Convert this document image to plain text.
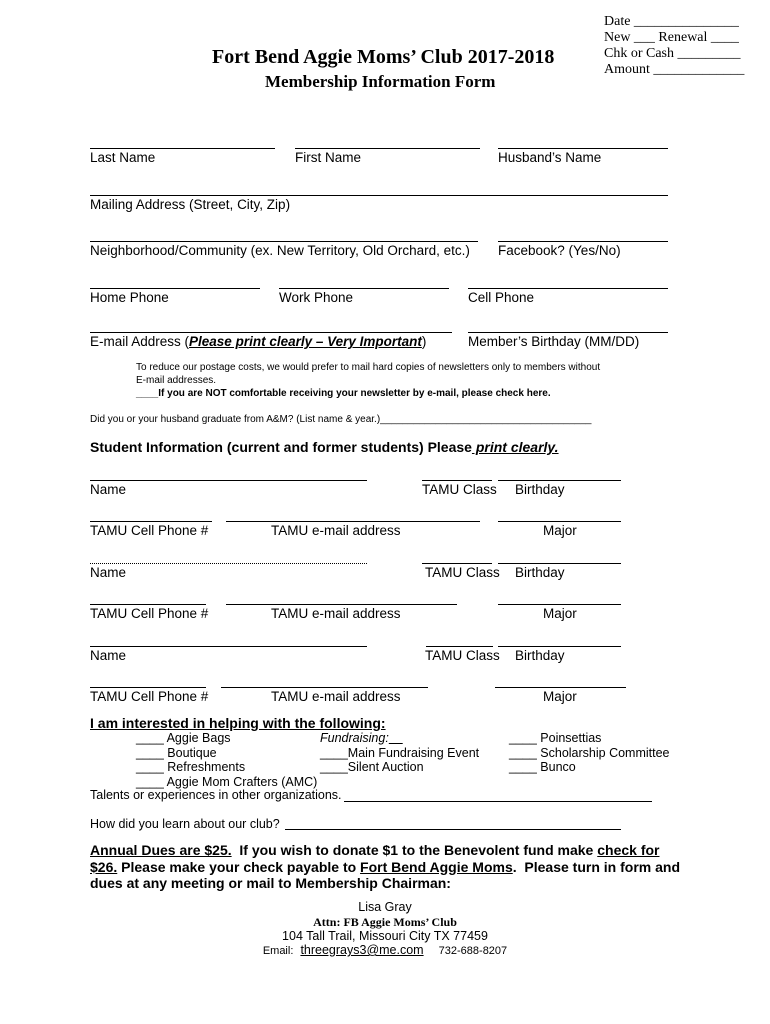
Date _______________
New ___ Renewal ____
Chk or Cash _________
Amount _____________
Fort Bend Aggie Moms’ Club 2017-2018
Membership Information Form
Last Name	First Name	Husband’s Name
Mailing Address (Street, City, Zip)
Neighborhood/Community (ex. New Territory, Old Orchard, etc.) Facebook? (Yes/No)
Home Phone	Work Phone	Cell Phone
E-mail Address (Please print clearly – Very Important)	Member’s Birthday (MM/DD)
To reduce our postage costs, we would prefer to mail hard copies of newsletters only to members without
E-mail addresses.
____If you are NOT comfortable receiving your newsletter by e-mail, please check here.
Did you or your husband graduate from A&M? (List name & year.)______________________________________
Student Information (current and former students) Please print clearly.
Name	TAMU Class Birthday
TAMU Cell Phone #	TAMU e-mail address	Major
Name	TAMU Class Birthday
TAMU Cell Phone #	TAMU e-mail address	Major
Name	TAMU Class Birthday
TAMU Cell Phone #	TAMU e-mail address	Major
I am interested in helping with the following:
____ Aggie Bags
____ Boutique
____ Refreshments
____ Aggie Mom Crafters (AMC)
Fundraising:
____Main Fundraising Event
____Silent Auction
____ Poinsettias
____ Scholarship Committee
____ Bunco
Talents or experiences in other organizations.
How did you learn about our club?
Annual Dues are $25.  If you wish to donate $1 to the Benevolent fund make check for
$26. Please make your check payable to Fort Bend Aggie Moms.  Please turn in form and
dues at any meeting or mail to Membership Chairman:
Lisa Gray
Attn: FB Aggie Moms’ Club
104 Tall Trail, Missouri City TX 77459
Email: threegrays3@me.com 732-688-8207
